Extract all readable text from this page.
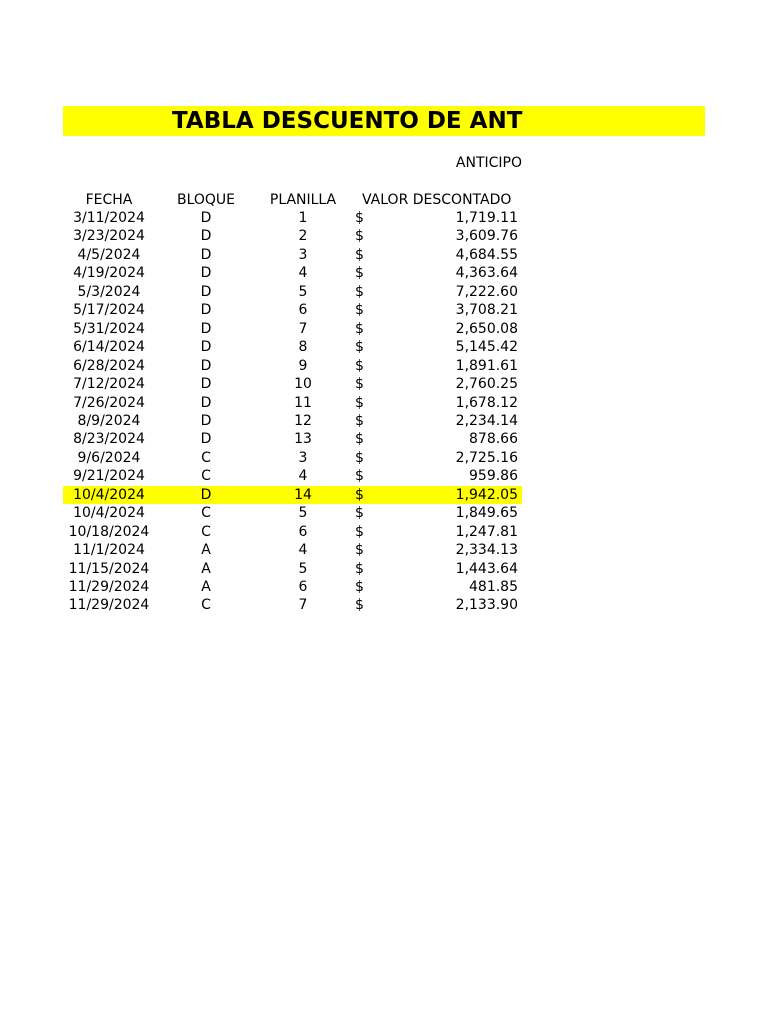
TABLA DESCUENTO DE ANT
ANTICIPO
FECHA	BLOQUE	PLANILLA	VALOR DESCONTADO
3/11/2024	D	1	$	1,719.11
3/23/2024	D	2	$	3,609.76
4/5/2024	D	3	$	4,684.55
4/19/2024	D	4	$	4,363.64
5/3/2024	D	5	$	7,222.60
5/17/2024	D	6	$	3,708.21
5/31/2024	D	7	$	2,650.08
6/14/2024	D	8	$	5,145.42
6/28/2024	D	9	$	1,891.61
7/12/2024	D	10	$	2,760.25
7/26/2024	D	11	$	1,678.12
8/9/2024	D	12	$	2,234.14
8/23/2024	D	13	$	878.66
9/6/2024	C	3	$	2,725.16
9/21/2024	C	4	$	959.86
10/4/2024	D	14	$	1,942.05
10/4/2024	C	5	$	1,849.65
10/18/2024	C	6	$	1,247.81
11/1/2024	A	4	$	2,334.13
11/15/2024	A	5	$	1,443.64
11/29/2024	A	6	$	481.85
11/29/2024	C	7	$	2,133.90
